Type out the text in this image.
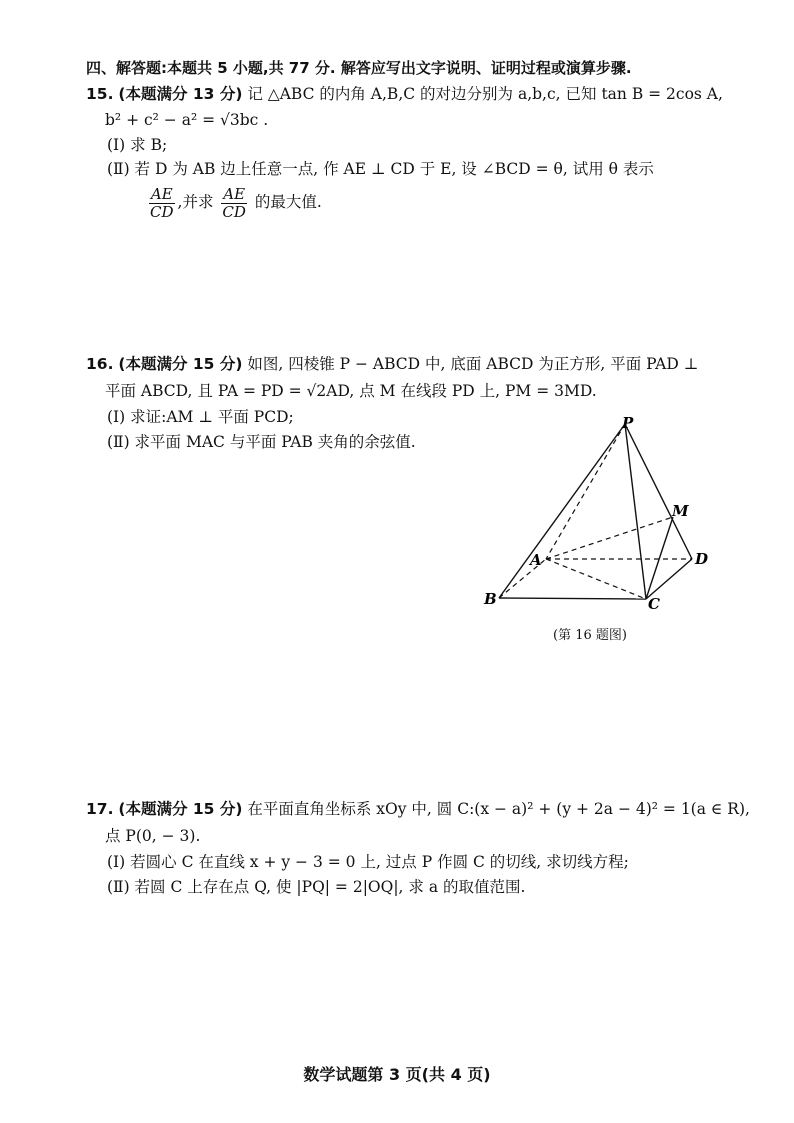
四、解答题:本题共 5 小题,共 77 分. 解答应写出文字说明、证明过程或演算步骤.
15. (本题满分 13 分) 记 △ABC 的内角 A,B,C 的对边分别为 a,b,c, 已知 tan B = 2cos A,
b² + c² − a² = √3bc .
(Ⅰ) 求 B;
(Ⅱ) 若 D 为 AB 边上任意一点, 作 AE ⊥ CD 于 E, 设 ∠BCD = θ, 试用 θ 表示
$\frac{AE}{CD}$ ,并求 $\frac{AE}{CD}$ 的最大值.
16. (本题满分 15 分) 如图, 四棱锥 P − ABCD 中, 底面 ABCD 为正方形, 平面 PAD ⊥
平面 ABCD, 且 PA = PD = √2AD, 点 M 在线段 PD 上, PM = 3MD.
(Ⅰ) 求证:AM ⊥ 平面 PCD;
(Ⅱ) 求平面 MAC 与平面 PAB 夹角的余弦值.
P
M
A	D
B	C
(第 16 题图)
17. (本题满分 15 分) 在平面直角坐标系 xOy 中, 圆 C:(x − a)² + (y + 2a − 4)² = 1(a ∈ R),
点 P(0, − 3).
(Ⅰ) 若圆心 C 在直线 x + y − 3 = 0 上, 过点 P 作圆 C 的切线, 求切线方程;
(Ⅱ) 若圆 C 上存在点 Q, 使 |PQ| = 2|OQ|, 求 a 的取值范围.
数学试题第 3 页(共 4 页)
